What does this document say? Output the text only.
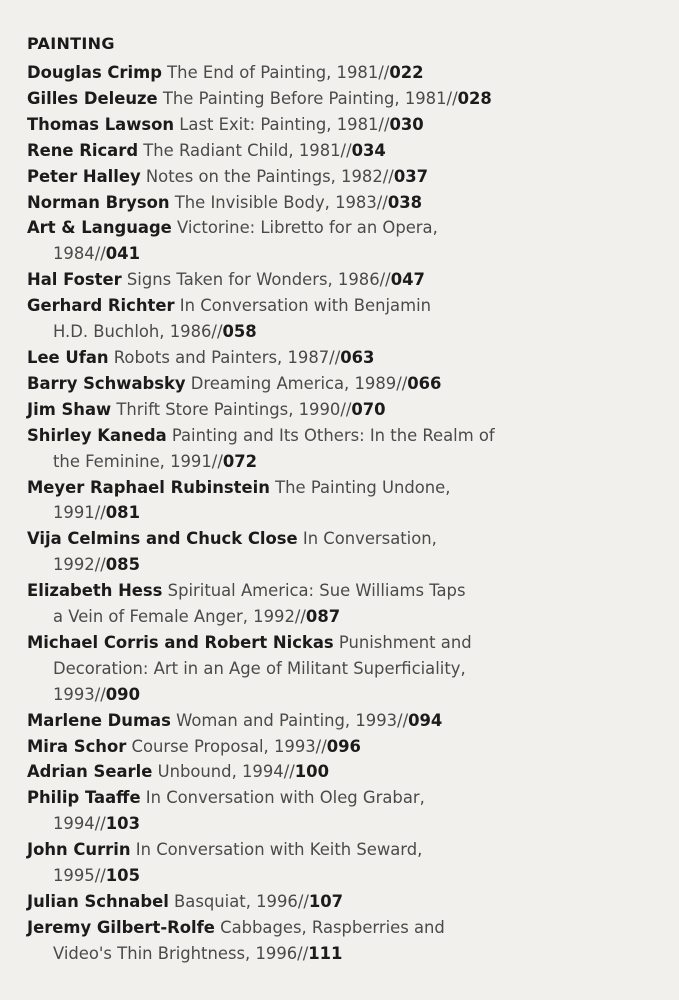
PAINTING
Douglas Crimp The End of Painting, 1981//022
Gilles Deleuze The Painting Before Painting, 1981//028
Thomas Lawson Last Exit: Painting, 1981//030
Rene Ricard The Radiant Child, 1981//034
Peter Halley Notes on the Paintings, 1982//037
Norman Bryson The Invisible Body, 1983//038
Art & Language Victorine: Libretto for an Opera,
1984//041
Hal Foster Signs Taken for Wonders, 1986//047
Gerhard Richter In Conversation with Benjamin
H.D. Buchloh, 1986//058
Lee Ufan Robots and Painters, 1987//063
Barry Schwabsky Dreaming America, 1989//066
Jim Shaw Thrift Store Paintings, 1990//070
Shirley Kaneda Painting and Its Others: In the Realm of
the Feminine, 1991//072
Meyer Raphael Rubinstein The Painting Undone,
1991//081
Vija Celmins and Chuck Close In Conversation,
1992//085
Elizabeth Hess Spiritual America: Sue Williams Taps
a Vein of Female Anger, 1992//087
Michael Corris and Robert Nickas Punishment and
Decoration: Art in an Age of Militant Superficiality,
1993//090
Marlene Dumas Woman and Painting, 1993//094
Mira Schor Course Proposal, 1993//096
Adrian Searle Unbound, 1994//100
Philip Taaffe In Conversation with Oleg Grabar,
1994//103
John Currin In Conversation with Keith Seward,
1995//105
Julian Schnabel Basquiat, 1996//107
Jeremy Gilbert-Rolfe Cabbages, Raspberries and
Video's Thin Brightness, 1996//111
